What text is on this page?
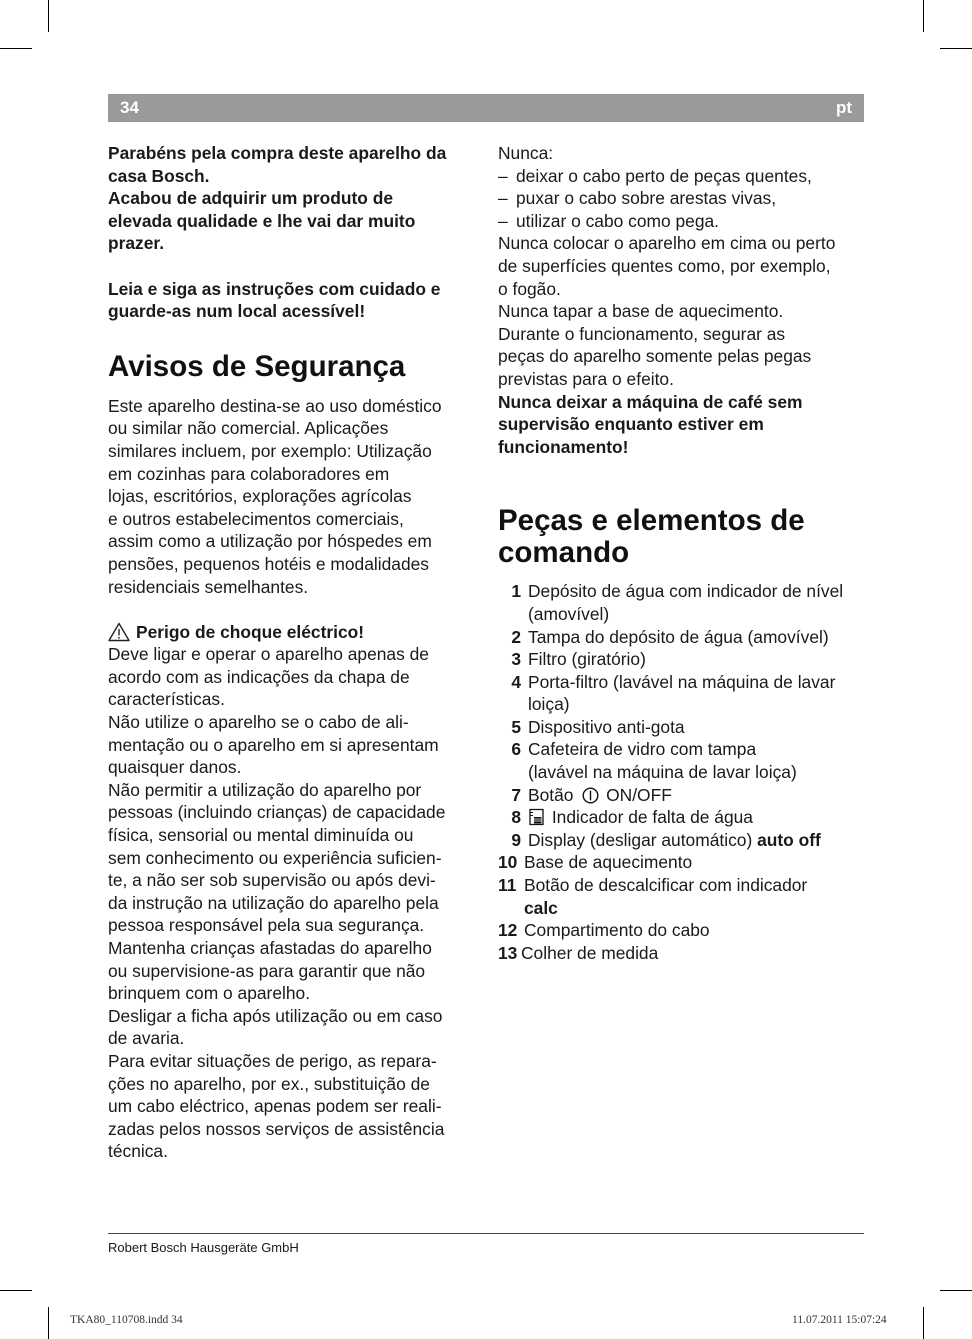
34	pt
Parabéns pela compra deste aparelho da
casa Bosch.
Acabou de adquirir um produto de
elevada qualidade e lhe vai dar muito
prazer.
Leia e siga as instruções com cuidado e
guarde-as num local acessível!
Avisos de Segurança
Este aparelho destina-se ao uso doméstico
ou similar não comercial. Aplicações
similares incluem, por exemplo: Utilização
em cozinhas para colaboradores em
lojas, escritórios, explorações agrícolas
e outros estabelecimentos comerciais,
assim como a utilização por hóspedes em
pensões, pequenos hotéis e modalidades
residenciais semelhantes.
Perigo de choque eléctrico!
Deve ligar e operar o aparelho apenas de
acordo com as indicações da chapa de
características.
Não utilize o aparelho se o cabo de ali-
mentação ou o aparelho em si apresentam
quaisquer danos.
Não permitir a utilização do aparelho por
pessoas (incluindo crianças) de capacidade
física, sensorial ou mental diminuída ou
sem conhecimento ou experiência suficien-
te, a não ser sob supervisão ou após devi-
da instrução na utilização do aparelho pela
pessoa responsável pela sua segurança.
Mantenha crianças afastadas do aparelho
ou supervisione-as para garantir que não
brinquem com o aparelho.
Desligar a ficha após utilização ou em caso
de avaria.
Para evitar situações de perigo, as repara-
ções no aparelho, por ex., substituição de
um cabo eléctrico, apenas podem ser reali-
zadas pelos nossos serviços de assistência
técnica.
Nunca:
– deixar o cabo perto de peças quentes,
– puxar o cabo sobre arestas vivas,
– utilizar o cabo como pega.
Nunca colocar o aparelho em cima ou perto
de superfícies quentes como, por exemplo,
o fogão.
Nunca tapar a base de aquecimento.
Durante o funcionamento, segurar as
peças do aparelho somente pelas pegas
previstas para o efeito.
Nunca deixar a máquina de café sem
supervisão enquanto estiver em
funcionamento!
Peças e elementos de
comando
1 Depósito de água com indicador de nível
(amovível)
2 Tampa do depósito de água (amovível)
3 Filtro (giratório)
4 Porta-filtro (lavável na máquina de lavar
loiça)
5 Dispositivo anti-gota
6 Cafeteira de vidro com tampa
(lavável na máquina de lavar loiça)
7 Botão ON/OFF
8	Indicador de falta de água
9 Display (desligar automático) auto off
10 Base de aquecimento
11 Botão de descalcificar com indicador
calc
12 Compartimento do cabo
13 Colher de medida
Robert Bosch Hausgeräte GmbH
TKA80_110708.indd 34	11.07.2011 15:07:24
